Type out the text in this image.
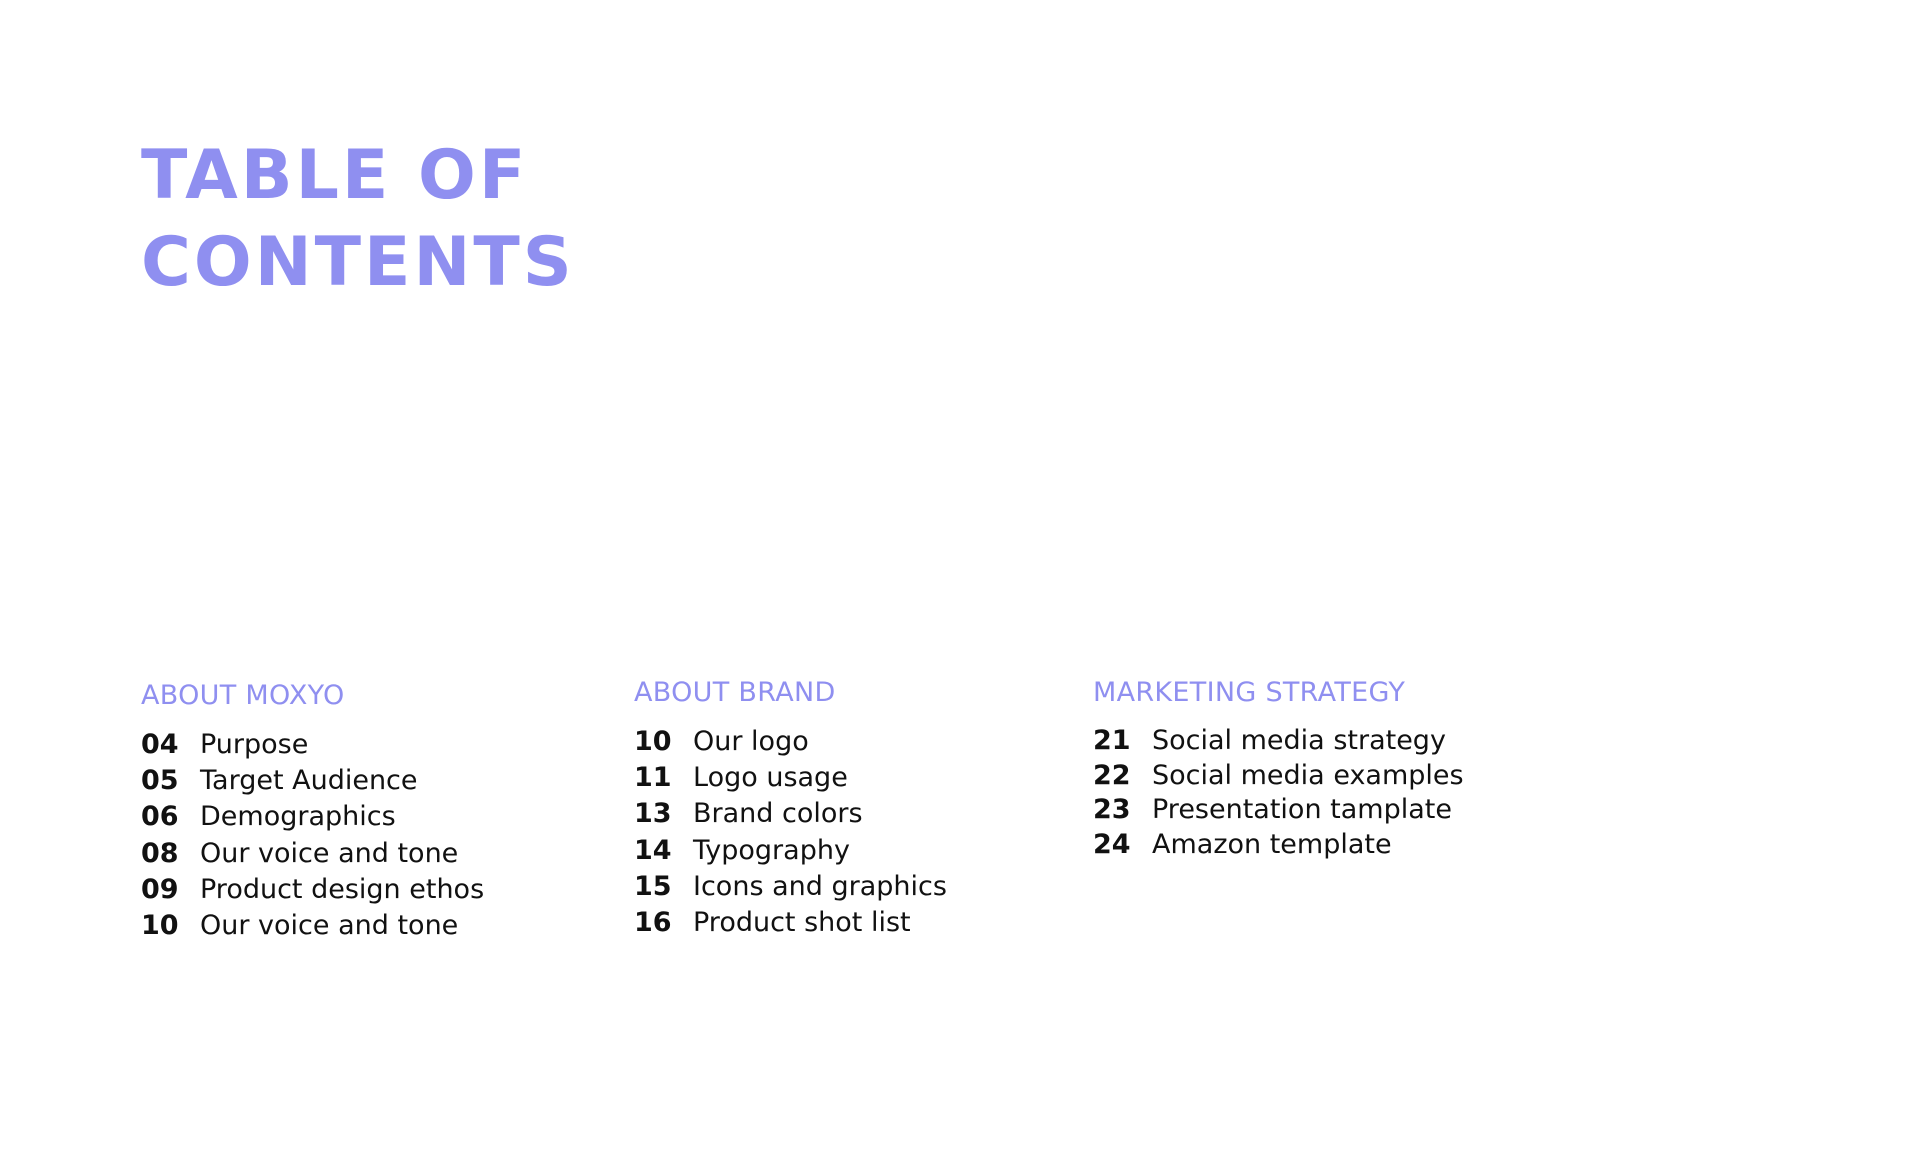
TABLE OF
CONTENTS
ABOUT MOXYO
04 Purpose
05 Target Audience
06 Demographics
08 Our voice and tone
09 Product design ethos
10 Our voice and tone
ABOUT BRAND
10 Our logo
11 Logo usage
13 Brand colors
14 Typography
15 Icons and graphics
16 Product shot list
MARKETING STRATEGY
21 Social media strategy
22 Social media examples
23 Presentation tamplate
24 Amazon template
